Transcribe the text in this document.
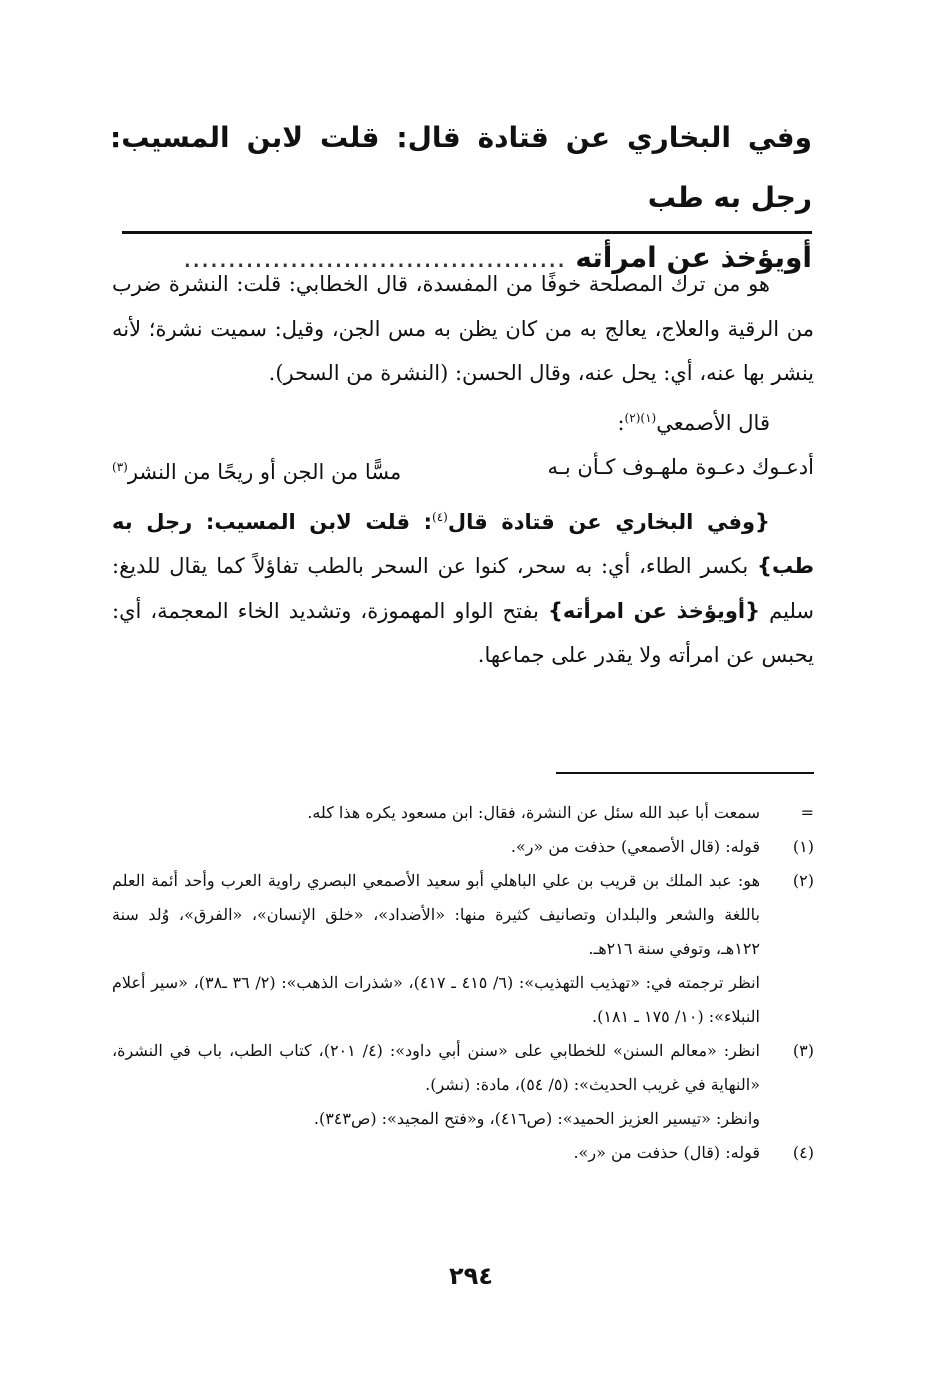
وفي البخاري عن قتادة قال: قلت لابن المسيب: رجل به طب
أويؤخذ عن امرأته ...........................................

هو من ترك المصلحة خوفًا من المفسدة، قال الخطابي: قلت: النشرة ضرب من الرقية والعلاج، يعالج به من كان يظن به مس الجن، وقيل: سميت نشرة؛ لأنه ينشر بها عنه، أي: يحل عنه، وقال الحسن: (النشرة من السحر).

قال الأصمعي$^{(١)(٢)}$:

أدعـوك دعـوة ملهـوف كـأن بـه
مسًّا من الجن أو ريحًا من النشر$^{(٣)}$

{وفي البخاري عن قتادة قال$^{(٤)}$: قلت لابن المسيب: رجل به طب} بكسر الطاء، أي: به سحر، كنوا عن السحر بالطب تفاؤلاً كما يقال للديغ: سليم {أويؤخذ عن امرأته} بفتح الواو المهموزة، وتشديد الخاء المعجمة، أي: يحبس عن امرأته ولا يقدر على جماعها.

=
سمعت أبا عبد الله سئل عن النشرة، فقال: ابن مسعود يكره هذا كله.
(١)
قوله: (قال الأصمعي) حذفت من «ر».
(٢)
هو: عبد الملك بن قريب بن علي الباهلي أبو سعيد الأصمعي البصري راوية العرب وأحد أئمة العلم باللغة والشعر والبلدان وتصانيف كثيرة منها: «الأضداد»، «خلق الإنسان»، «الفرق»، وُلد سنة ١٢٢هـ، وتوفي سنة ٢١٦هـ.
انظر ترجمته في: «تهذيب التهذيب»: (٦/ ٤١٥ ـ ٤١٧)، «شذرات الذهب»: (٢/ ٣٦ ـ٣٨)، «سير أعلام النبلاء»: (١٠/ ١٧٥ ـ ١٨١).
(٣)
انظر: «معالم السنن» للخطابي على «سنن أبي داود»: (٤/ ٢٠١)، كتاب الطب، باب في النشرة، «النهاية في غريب الحديث»: (٥/ ٥٤)، مادة: (نشر).
وانظر: «تيسير العزيز الحميد»: (ص٤١٦)، و«فتح المجيد»: (ص٣٤٣).
(٤)
قوله: (قال) حذفت من «ر».
٢٩٤
